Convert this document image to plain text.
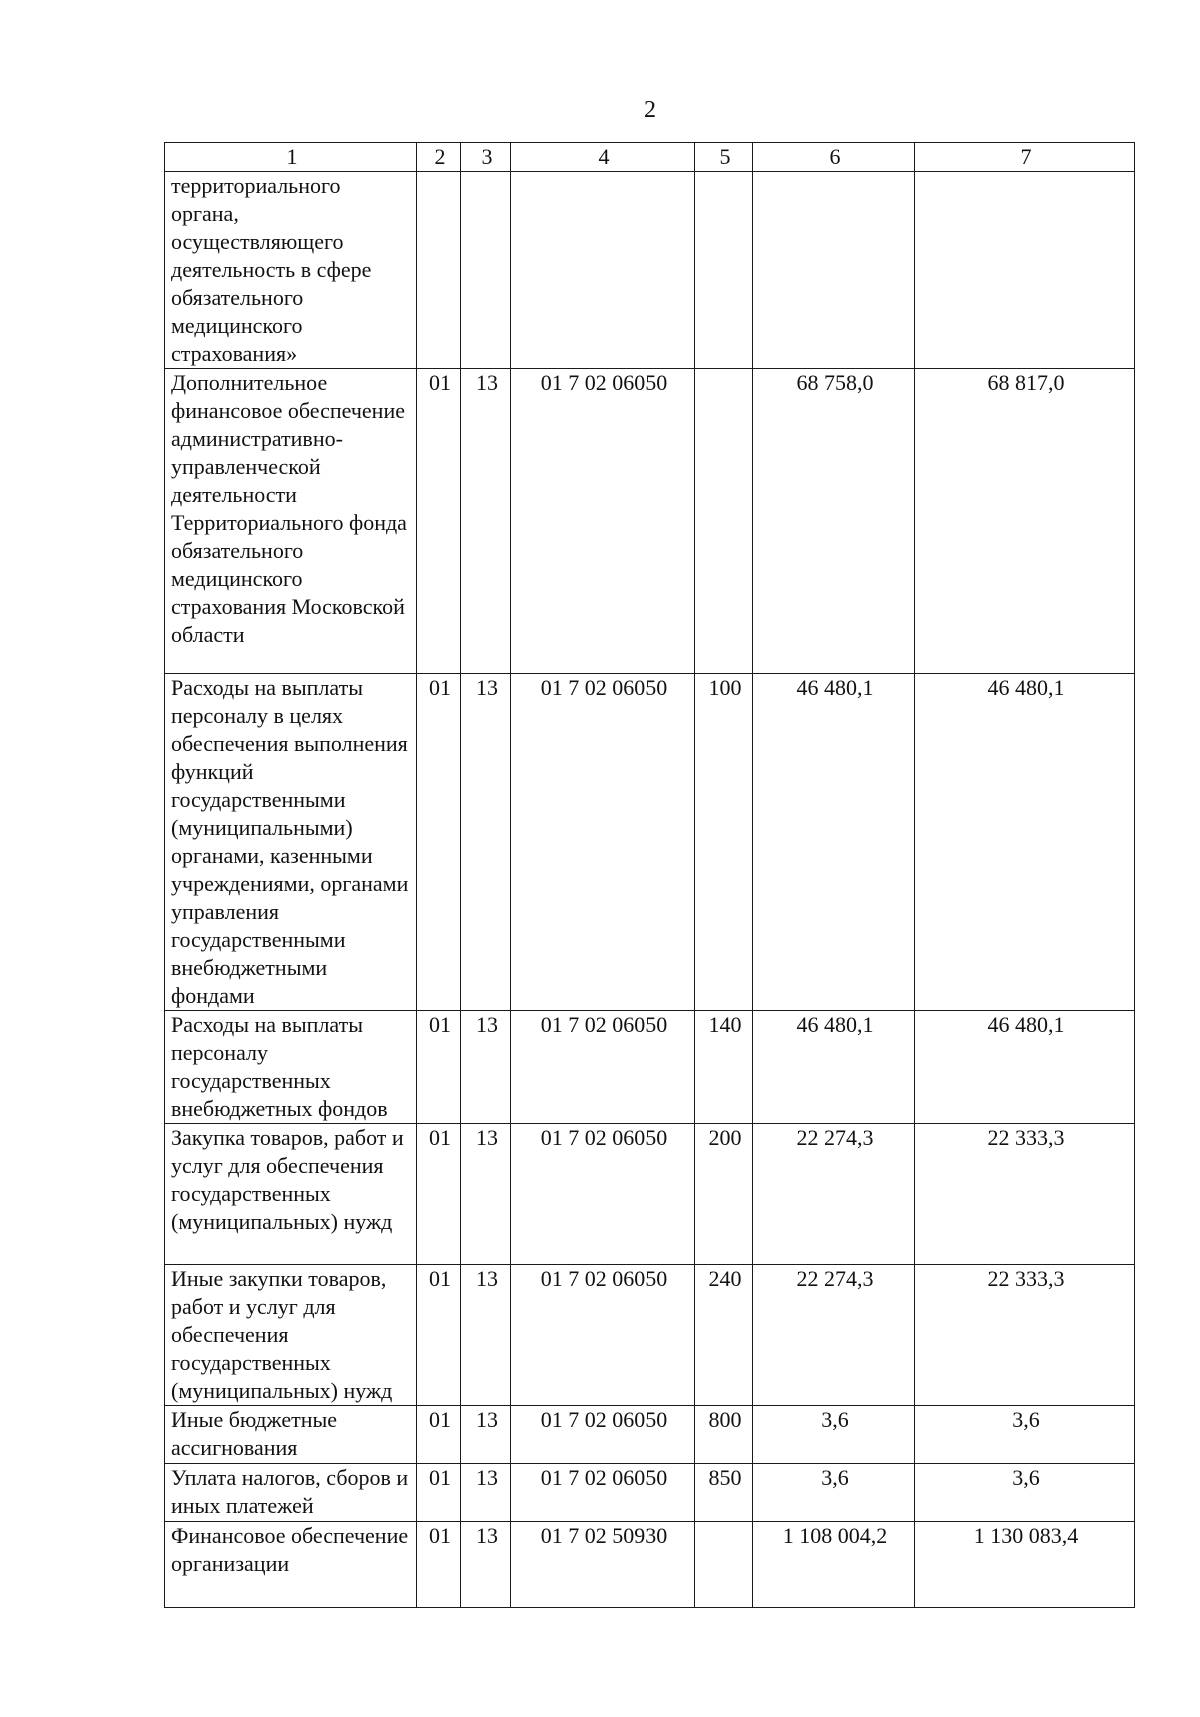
2
1	2	3	4	5	6	7
территориального органа, осуществляющего деятельность в сфере обязательного медицинского страхования»						
Дополнительное финансовое обеспечение административно-управленческой деятельности Территориального фонда обязательного медицинского страхования Московской области	01	13	01 7 02 06050		68 758,0	68 817,0
Расходы на выплаты персоналу в целях обеспечения выполнения функций государственными (муниципальными) органами, казенными учреждениями, органами управления государственными внебюджетными фондами	01	13	01 7 02 06050	100	46 480,1	46 480,1
Расходы на выплаты персоналу государственных внебюджетных фондов	01	13	01 7 02 06050	140	46 480,1	46 480,1
Закупка товаров, работ и услуг для обеспечения государственных (муниципальных) нужд	01	13	01 7 02 06050	200	22 274,3	22 333,3
Иные закупки товаров, работ и услуг для обеспечения государственных (муниципальных) нужд	01	13	01 7 02 06050	240	22 274,3	22 333,3
Иные бюджетные ассигнования	01	13	01 7 02 06050	800	3,6	3,6
Уплата налогов, сборов и иных платежей	01	13	01 7 02 06050	850	3,6	3,6
Финансовое обеспечение организации	01	13	01 7 02 50930		1 108 004,2	1 130 083,4
